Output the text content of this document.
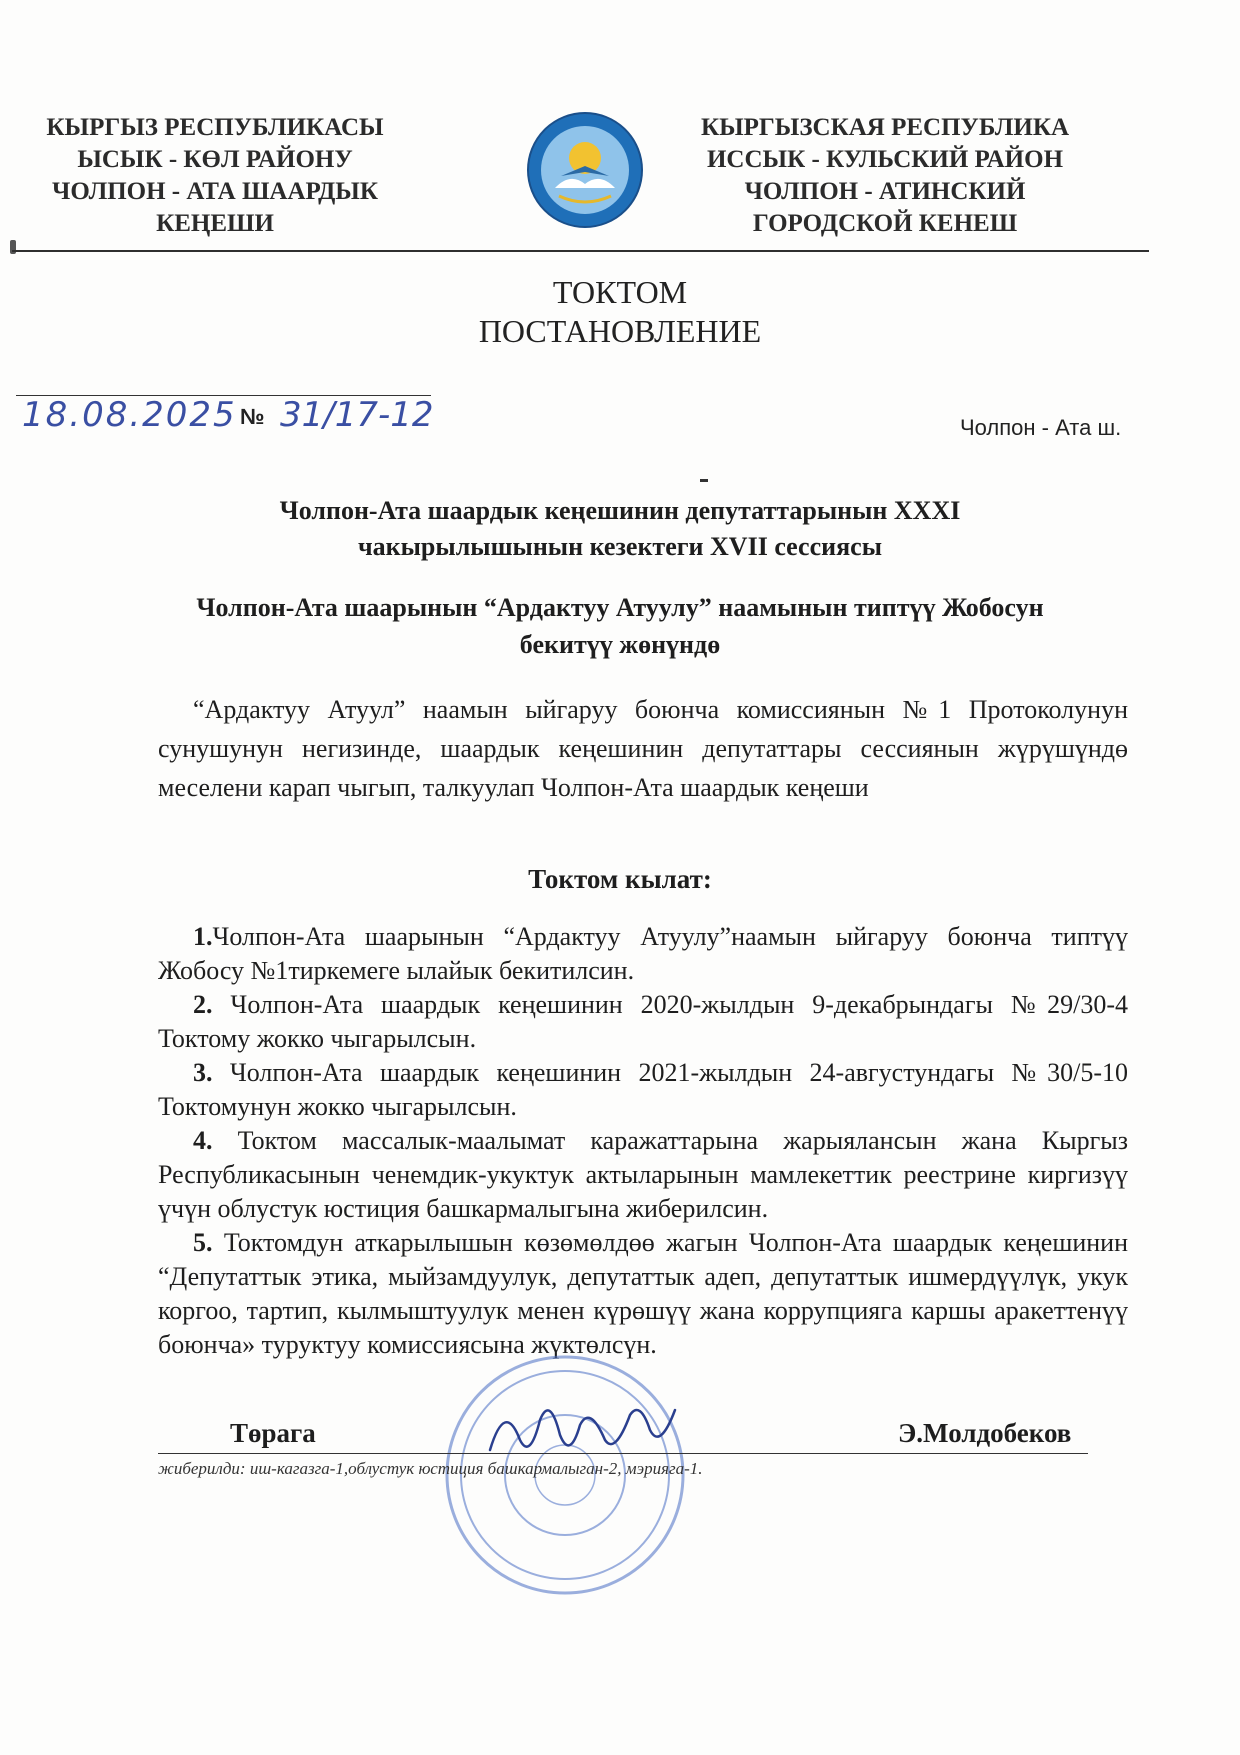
КЫРГЫЗ РЕСПУБЛИКАСЫ
ЫСЫК - КӨЛ РАЙОНУ
ЧОЛПОН - АТА ШААРДЫК
КЕҢЕШИ
КЫРГЫЗСКАЯ РЕСПУБЛИКА
ИССЫК - КУЛЬСКИЙ РАЙОН
ЧОЛПОН - АТИНСКИЙ
ГОРОДСКОЙ КЕНЕШ
ТОКТОМ
ПОСТАНОВЛЕНИЕ
18.08.2025 № 31/17-12	Чолпон - Ата ш.
Чолпон-Ата шаардык кеңешинин депутаттарынын XXXI
чакырылышынын кезектеги XVII сессиясы
Чолпон-Ата шаарынын “Ардактуу Атуулу” наамынын типтүү Жобосун
бекитүү жөнүндө
“Ардактуу Атуул” наамын ыйгаруу боюнча комиссиянын №1 Протоколунун сунушунун негизинде, шаардык кеңешинин депутаттары сессиянын жүрүшүндө меселени карап чыгып, талкуулап Чолпон-Ата шаардык кеңеши
Токтом кылат:

1.Чолпон-Ата шаарынын “Ардактуу Атуулу”наамын ыйгаруу боюнча типтүү Жобосу №1тиркемеге ылайык бекитилсин.

2. Чолпон-Ата шаардык кеңешинин 2020-жылдын 9-декабрындагы №29/30-4 Токтому жокко чыгарылсын.

3. Чолпон-Ата шаардык кеңешинин 2021-жылдын 24-августундагы №30/5-10 Токтомунун жокко чыгарылсын.

4. Токтом массалык-маалымат каражаттарына жарыялансын жана Кыргыз Республикасынын ченемдик-укуктук актыларынын мамлекеттик реестрине киргизүү үчүн облустук юстиция башкармалыгына жиберилсин.

5. Токтомдун аткарылышын көзөмөлдөө жагын Чолпон-Ата шаардык кеңешинин “Депутаттык этика, мыйзамдуулук, депутаттык адеп, депутаттык ишмердүүлүк, укук коргоо, тартип, кылмыштуулук менен күрөшүү жана коррупцияга каршы аракеттенүү боюнча» туруктуу комиссиясына жүктөлсүн.

Төрага	Э.Молдобеков
жиберилди: иш-кагазга-1,облустук юстиция башкармалыган-2, мэрияга-1.
